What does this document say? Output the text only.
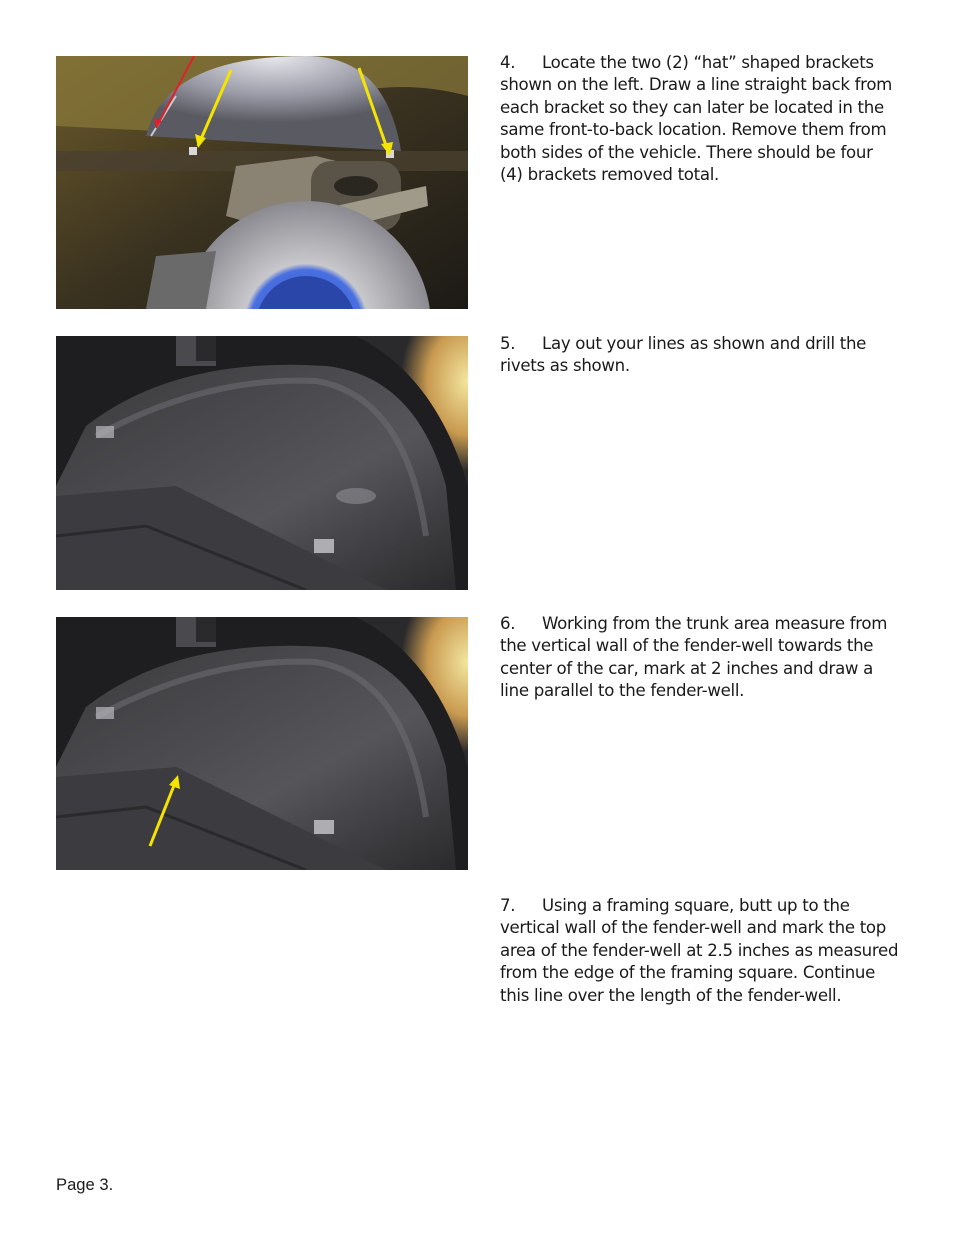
4. Locate the two (2) “hat” shaped brackets shown on the left. Draw a line straight back from each bracket so they can later be located in the same front-to-back location. Remove them from both sides of the vehicle. There should be four (4) brackets removed total.
5. Lay out your lines as shown and drill the rivets as shown.
6. Working from the trunk area measure from the vertical wall of the fender-well towards the center of the car, mark at 2 inches and draw a line parallel to the fender-well.
7. Using a framing square, butt up to the vertical wall of the fender-well and mark the top area of the fender-well at 2.5 inches as measured from the edge of the framing square. Continue this line over the length of the fender-well.
Page 3.
